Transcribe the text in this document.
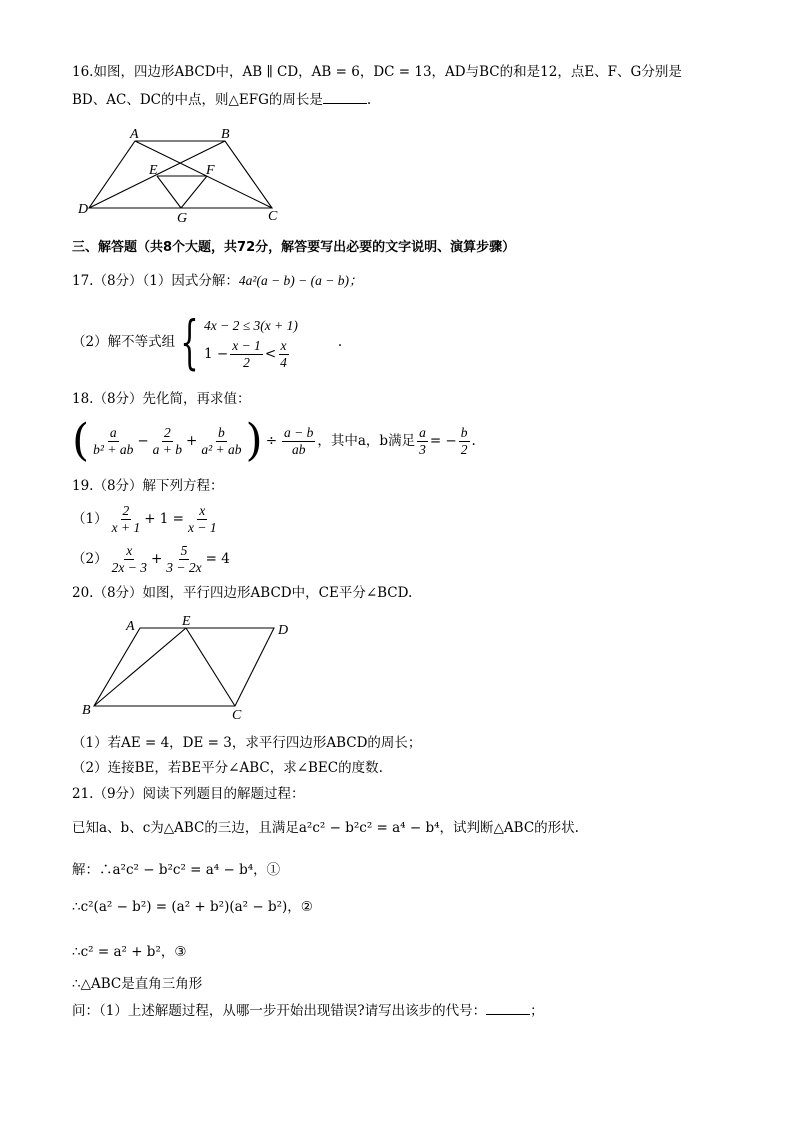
16.如图，四边形ABCD中，AB ∥ CD，AB = 6，DC = 13，AD与BC的和是12，点E、F、G分别是
BD、AC、DC的中点，则△EFG的周长是	.
A	B
E	F
D
G	C
三、解答题（共8个大题，共72分，解答要写出必要的文字说明、演算步骤）
17.（8分）（1）因式分解：4a²(a − b) − (a − b)；
（2）解不等式组 { 4x − 2 ≤ 3(x + 1)
$1 - \frac{x - 1}{2} < \frac{x}{4}$	.
18.（8分）先化简，再求值：
( $\frac{a}{\text{b² + ab}} - \frac{2}{a + b} + \frac{b}{\text{a² + ab}}$ ) ÷ $\frac{a - b}{ab}$ ，其中a，b满足 $\frac{a}{3}$ = − $\frac{b}{2}$ .
19.（8分）解下列方程：
$(1) \frac{2}{x + 1} + 1 = \frac{x}{x - 1}$
$(2) \frac{x}{2x - 3} + \frac{5}{3 - 2x} = 4$
20.（8分）如图，平行四边形ABCD中，CE平分∠BCD.
A	E
D
B	C
（1）若AE = 4，DE = 3，求平行四边形ABCD的周长；
（2）连接BE，若BE平分∠ABC，求∠BEC的度数.
21.（9分）阅读下列题目的解题过程：
已知a、b、c为△ABC的三边，且满足a²c² − b²c² = a⁴ − b⁴，试判断△ABC的形状.
解：∴a²c² − b²c² = a⁴ − b⁴，①
∴c²(a² − b²) = (a² + b²)(a² − b²)，②
∴c² = a² + b²，③
∴△ABC是直角三角形
问：（1）上述解题过程，从哪一步开始出现错误?请写出该步的代号：	；
